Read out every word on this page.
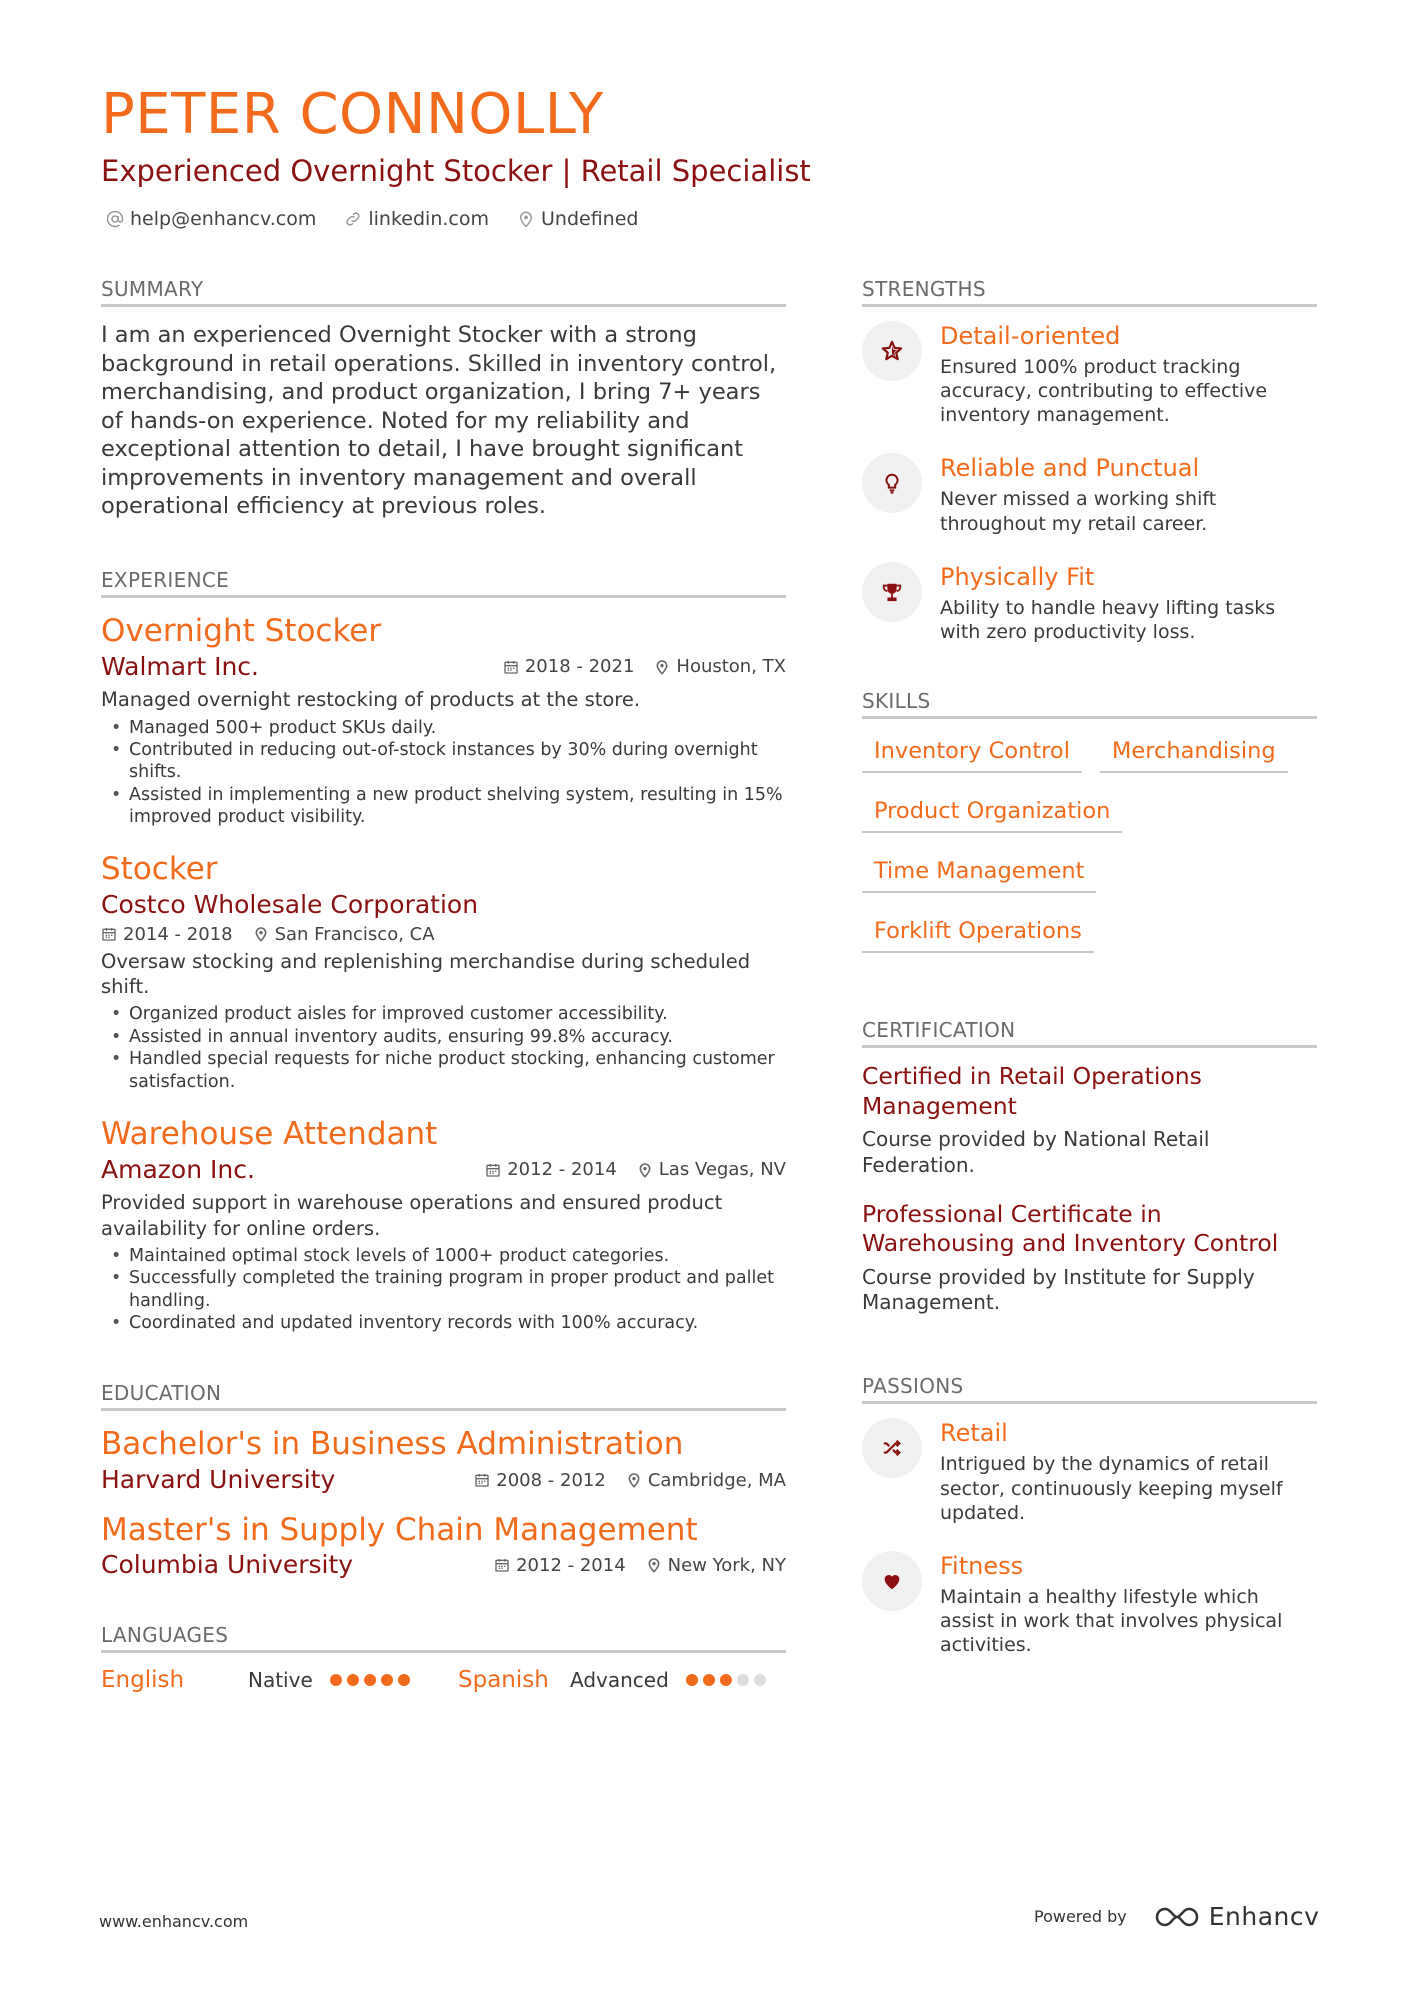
PETER CONNOLLY
Experienced Overnight Stocker | Retail Specialist
help@enhancv.com	linkedin.com	Undefined
SUMMARY

I am an experienced Overnight Stocker with a strong background in retail operations. Skilled in inventory control, merchandising, and product organization, I bring 7+ years of hands-on experience. Noted for my reliability and exceptional attention to detail, I have brought significant improvements in inventory management and overall operational efficiency at previous roles.

EXPERIENCE
Overnight Stocker
Walmart Inc.	2018 - 2021 Houston, TX
Managed overnight restocking of products at the store.
• Managed 500+ product SKUs daily.
• Contributed in reducing out-of-stock instances by 30% during overnight shifts.
• Assisted in implementing a new product shelving system, resulting in 15% improved product visibility.
Stocker
Costco Wholesale Corporation
2014 - 2018 San Francisco, CA
Oversaw stocking and replenishing merchandise during scheduled shift.
• Organized product aisles for improved customer accessibility.
• Assisted in annual inventory audits, ensuring 99.8% accuracy.
• Handled special requests for niche product stocking, enhancing customer satisfaction.
Warehouse Attendant
Amazon Inc.	2012 - 2014 Las Vegas, NV
Provided support in warehouse operations and ensured product availability for online orders.
• Maintained optimal stock levels of 1000+ product categories.
• Successfully completed the training program in proper product and pallet handling.
• Coordinated and updated inventory records with 100% accuracy.
EDUCATION
Bachelor's in Business Administration
Harvard University	2008 - 2012 Cambridge, MA
Master's in Supply Chain Management
Columbia University	2012 - 2014 New York, NY
LANGUAGES
English	Native	Spanish	Advanced
STRENGTHS
Detail-oriented
Ensured 100% product tracking accuracy, contributing to effective inventory management.
Reliable and Punctual
Never missed a working shift throughout my retail career.
Physically Fit
Ability to handle heavy lifting tasks with zero productivity loss.
SKILLS
Inventory Control	Merchandising
Product Organization
Time Management
Forklift Operations
CERTIFICATION
Certified in Retail Operations Management
Course provided by National Retail Federation.
Professional Certificate in Warehousing and Inventory Control
Course provided by Institute for Supply Management.
PASSIONS
Retail
Intrigued by the dynamics of retail sector, continuously keeping myself updated.
Fitness
Maintain a healthy lifestyle which assist in work that involves physical activities.
www.enhancv.com	Powered by	Enhancv
